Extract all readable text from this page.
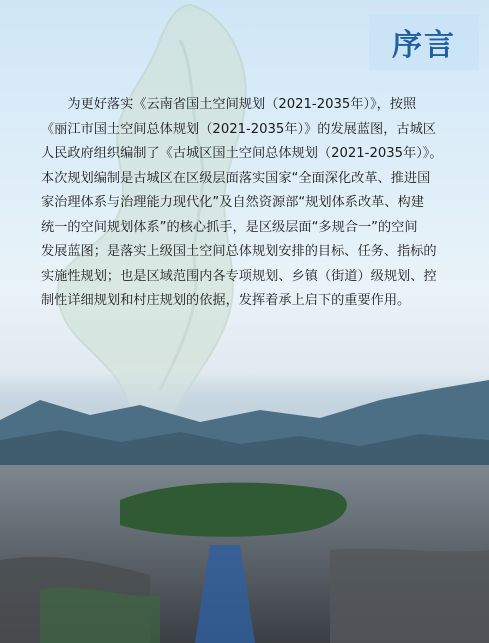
序言
　　为更好落实《云南省国土空间规划（2021-2035年）》，按照
《丽江市国土空间总体规划（2021-2035年）》的发展蓝图，古城区
人民政府组织编制了《古城区国土空间总体规划（2021-2035年）》。
本次规划编制是古城区在区级层面落实国家“全面深化改革、推进国
家治理体系与治理能力现代化”及自然资源部“规划体系改革、构建
统一的空间规划体系”的核心抓手，是区级层面“多规合一”的空间
发展蓝图；是落实上级国土空间总体规划安排的目标、任务、指标的
实施性规划；也是区域范围内各专项规划、乡镇（街道）级规划、控
制性详细规划和村庄规划的依据，发挥着承上启下的重要作用。
